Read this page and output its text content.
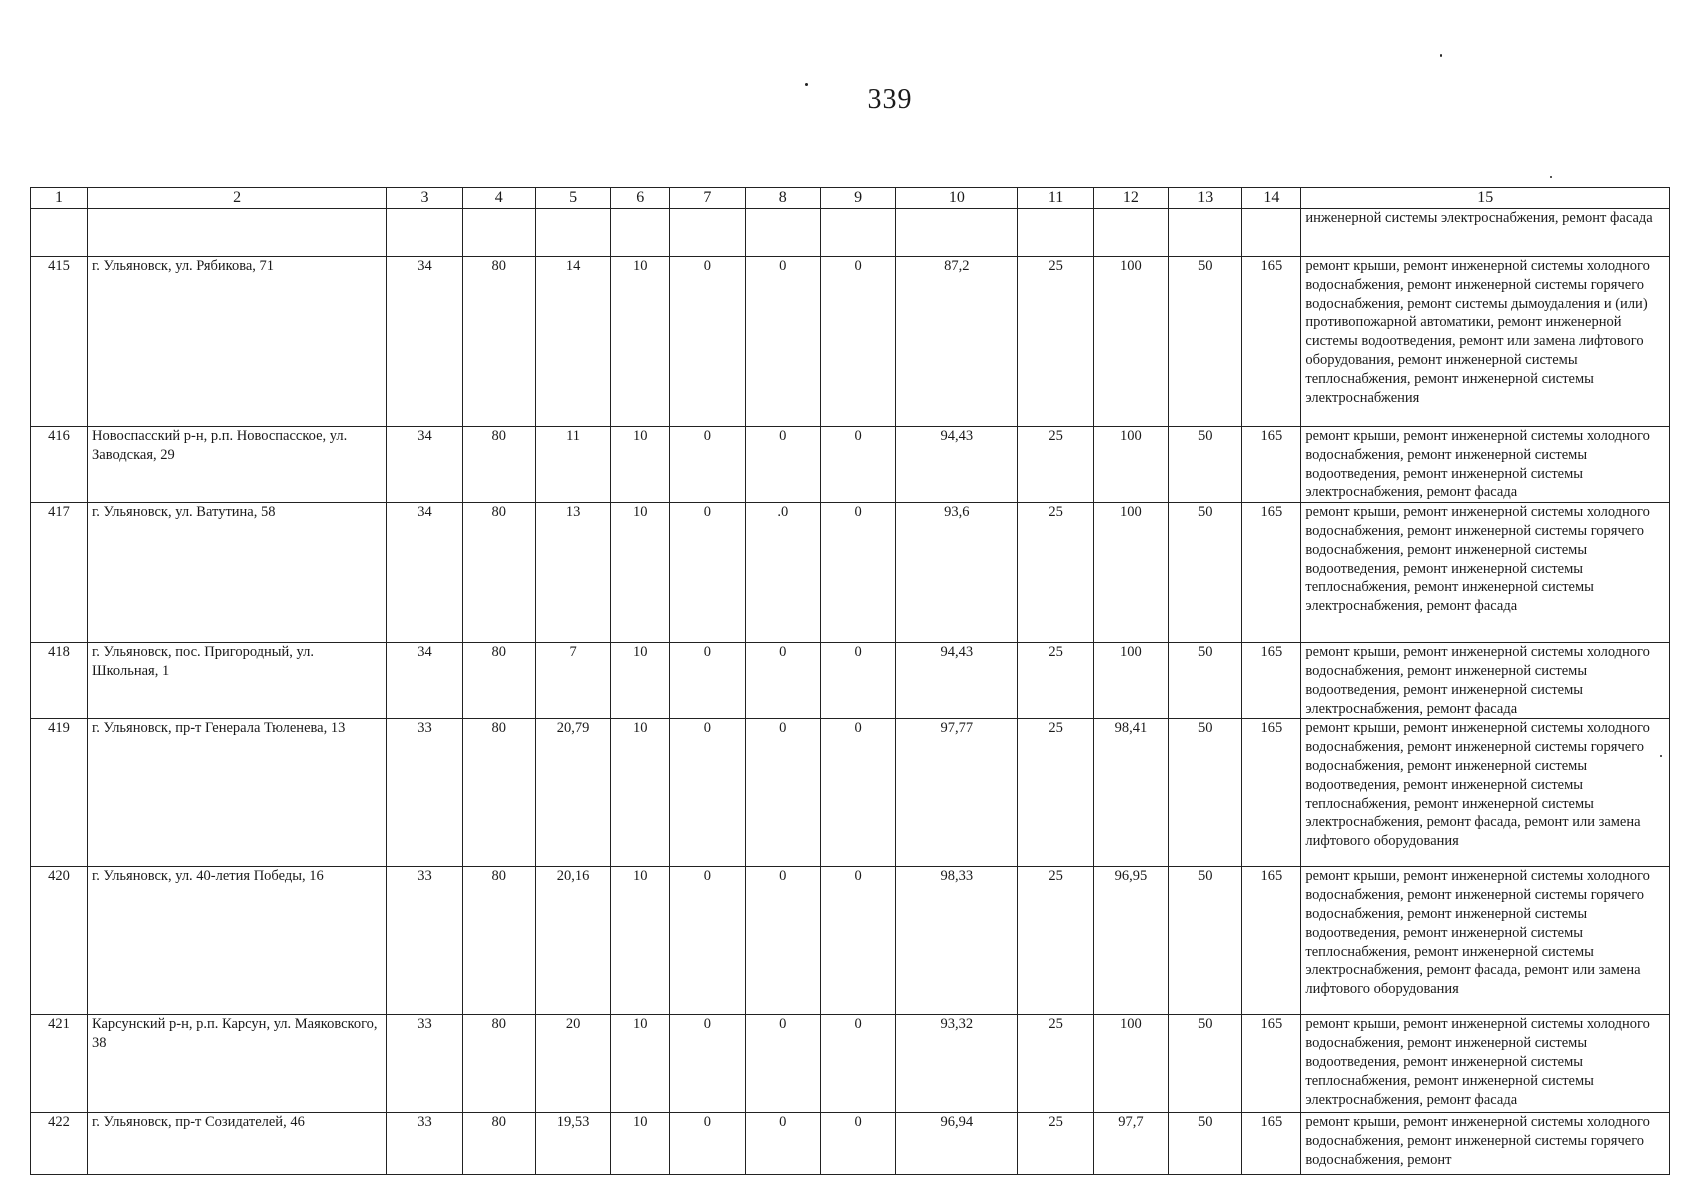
339
1	2	3	4	5	6	7	8	9	10	11	12	13	14	15
														инженерной системы электроснабжения, ремонт фасада
415	г. Ульяновск, ул. Рябикова, 71	34	80	14	10	0	0	0	87,2	25	100	50	165	ремонт крыши, ремонт инженерной системы холодного водоснабжения, ремонт инженерной системы горячего водоснабжения, ремонт системы дымоудаления и (или) противопожарной автоматики, ремонт инженерной системы водоотведения, ремонт или замена лифтового оборудования, ремонт инженерной системы теплоснабжения, ремонт инженерной системы электроснабжения
416	Новоспасский р-н, р.п. Новоспасское, ул. Заводская, 29	34	80	11	10	0	0	0	94,43	25	100	50	165	ремонт крыши, ремонт инженерной системы холодного водоснабжения, ремонт инженерной системы водоотведения, ремонт инженерной системы электроснабжения, ремонт фасада
417	г. Ульяновск, ул. Ватутина, 58	34	80	13	10	0	.0	0	93,6	25	100	50	165	ремонт крыши, ремонт инженерной системы холодного водоснабжения, ремонт инженерной системы горячего водоснабжения, ремонт инженерной системы водоотведения, ремонт инженерной системы теплоснабжения, ремонт инженерной системы электроснабжения, ремонт фасада
418	г. Ульяновск, пос. Пригородный, ул. Школьная, 1	34	80	7	10	0	0	0	94,43	25	100	50	165	ремонт крыши, ремонт инженерной системы холодного водоснабжения, ремонт инженерной системы водоотведения, ремонт инженерной системы электроснабжения, ремонт фасада
419	г. Ульяновск, пр-т Генерала Тюленева, 13	33	80	20,79	10	0	0	0	97,77	25	98,41	50	165	ремонт крыши, ремонт инженерной системы холодного водоснабжения, ремонт инженерной системы горячего водоснабжения, ремонт инженерной системы водоотведения, ремонт инженерной системы теплоснабжения, ремонт инженерной системы электроснабжения, ремонт фасада, ремонт или замена лифтового оборудования
420	г. Ульяновск, ул. 40-летия Победы, 16	33	80	20,16	10	0	0	0	98,33	25	96,95	50	165	ремонт крыши, ремонт инженерной системы холодного водоснабжения, ремонт инженерной системы горячего водоснабжения, ремонт инженерной системы водоотведения, ремонт инженерной системы теплоснабжения, ремонт инженерной системы электроснабжения, ремонт фасада, ремонт или замена лифтового оборудования
421	Карсунский р-н, р.п. Карсун, ул. Маяковского, 38	33	80	20	10	0	0	0	93,32	25	100	50	165	ремонт крыши, ремонт инженерной системы холодного водоснабжения, ремонт инженерной системы водоотведения, ремонт инженерной системы теплоснабжения, ремонт инженерной системы электроснабжения, ремонт фасада
422	г. Ульяновск, пр-т Созидателей, 46	33	80	19,53	10	0	0	0	96,94	25	97,7	50	165	ремонт крыши, ремонт инженерной системы холодного водоснабжения, ремонт инженерной системы горячего водоснабжения, ремонт
